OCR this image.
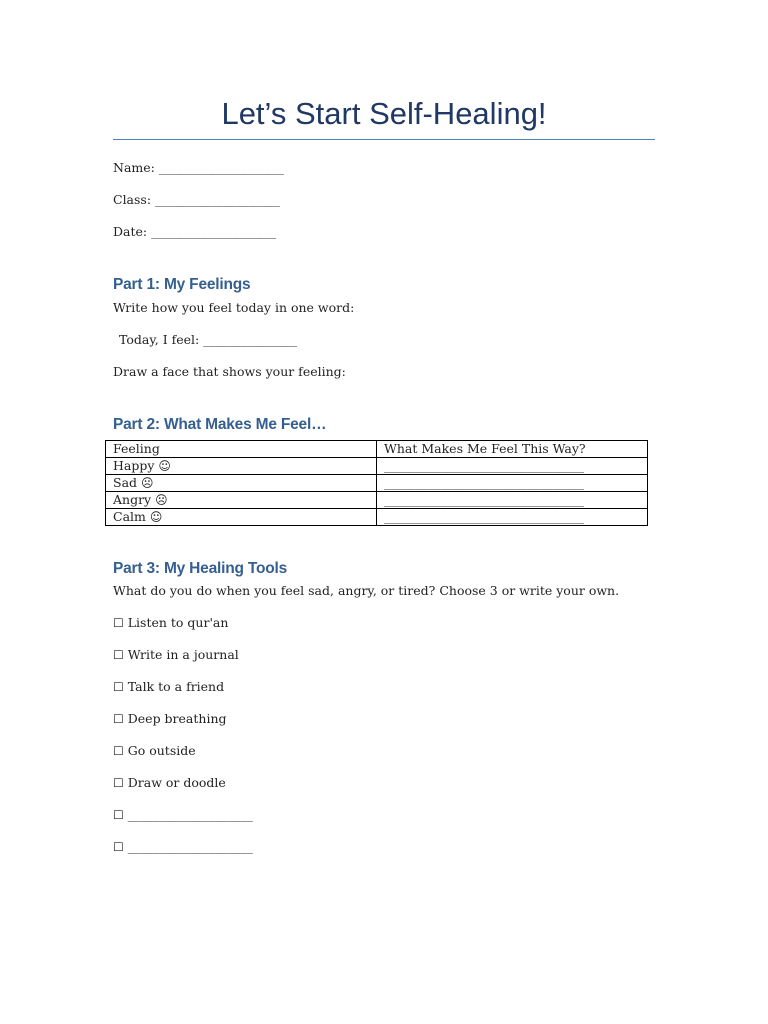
Let’s Start Self-Healing!
Name: ____________________
Class: ____________________
Date: ____________________
Part 1: My Feelings
Write how you feel today in one word:
Today, I feel: _______________
Draw a face that shows your feeling:
Part 2: What Makes Me Feel…
Part 3: My Healing Tools
What do you do when you feel sad, angry, or tired? Choose 3 or write your own.
☐ Listen to qur'an
☐ Write in a journal
☐ Talk to a friend
☐ Deep breathing
☐ Go outside
☐ Draw or doodle
☐ ____________________
☐ ____________________
Feeling	What Makes Me Feel This Way?
Happy ☺	________________________________
Sad ☹	________________________________
Angry ☹	________________________________
Calm ☺	________________________________
